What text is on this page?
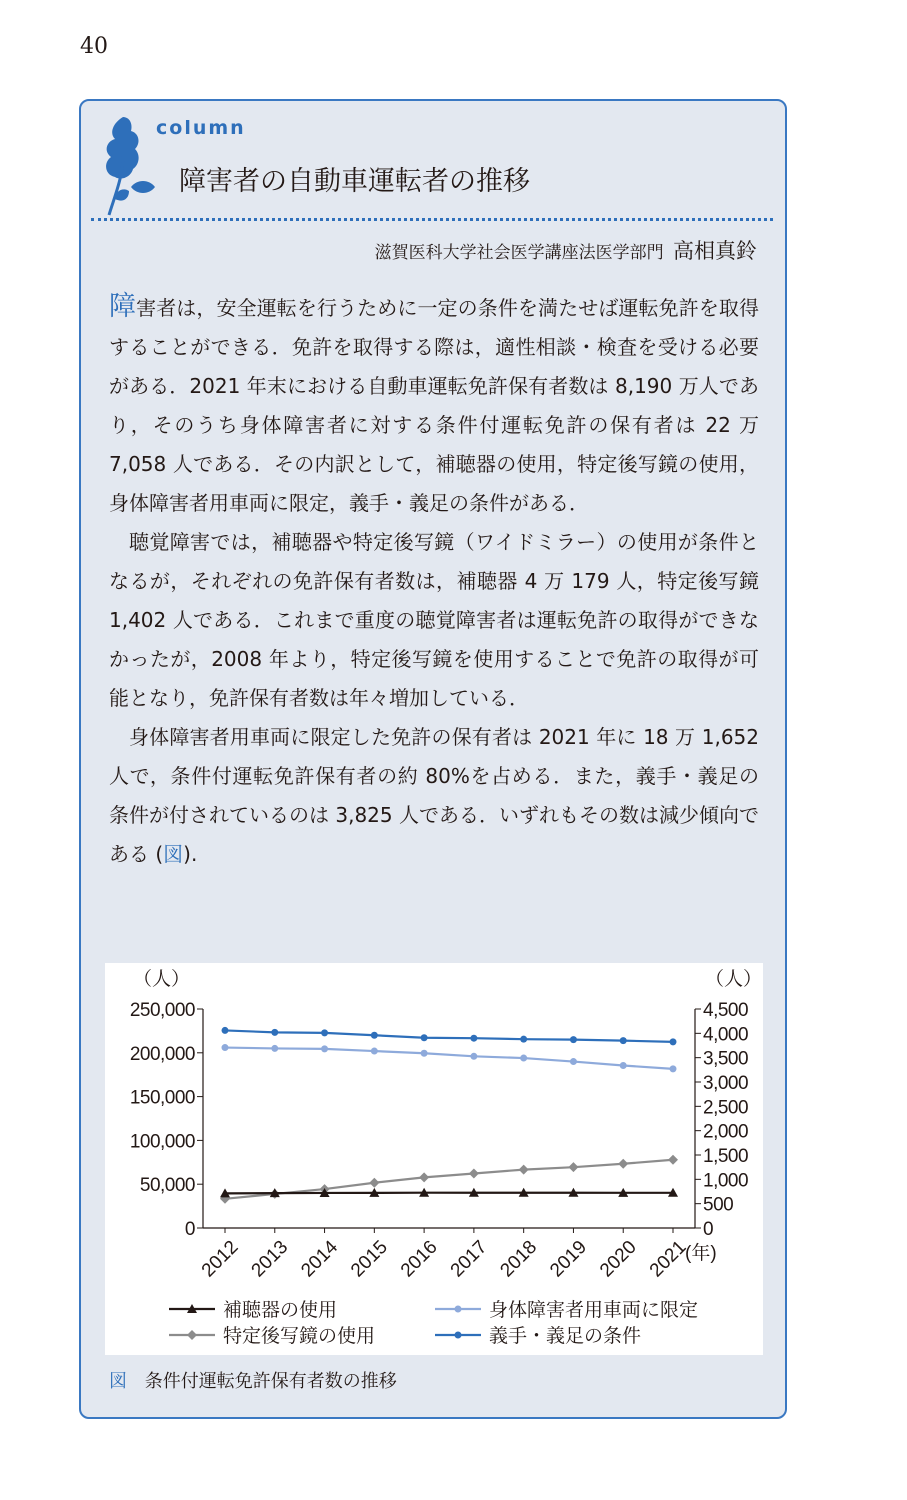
40
column
障害者の自動車運転者の推移
滋賀医科大学社会医学講座法医学部門 高相真鈴

障害者は，安全運転を行うために一定の条件を満たせば運転免許を取得することができる．免許を取得する際は，適性相談・検査を受ける必要がある．2021 年末における自動車運転免許保有者数は 8,190 万人であり，そのうち身体障害者に対する条件付運転免許の保有者は 22 万 7,058 人である．その内訳として，補聴器の使用，特定後写鏡の使用，身体障害者用車両に限定，義手・義足の条件がある．

聴覚障害では，補聴器や特定後写鏡（ワイドミラー）の使用が条件となるが，それぞれの免許保有者数は，補聴器 4 万 179 人，特定後写鏡 1,402 人である．これまで重度の聴覚障害者は運転免許の取得ができなかったが，2008 年より，特定後写鏡を使用することで免許の取得が可能となり，免許保有者数は年々増加している．

身体障害者用車両に限定した免許の保有者は 2021 年に 18 万 1,652 人で，条件付運転免許保有者の約 80%を占める．また，義手・義足の条件が付されているのは 3,825 人である．いずれもその数は減少傾向である (図).

（人）	（人）
0
50,000
100,000
150,000
200,000
250,000
0
500
1,000
1,500
2,000
2,500
3,000
3,500
4,000
4,500
2012 2013 2014 2015 2016 2017 2018 2019 2020 2021
(年)
補聴器の使用	身体障害者用車両に限定
特定後写鏡の使用	義手・義足の条件
図 条件付運転免許保有者数の推移
